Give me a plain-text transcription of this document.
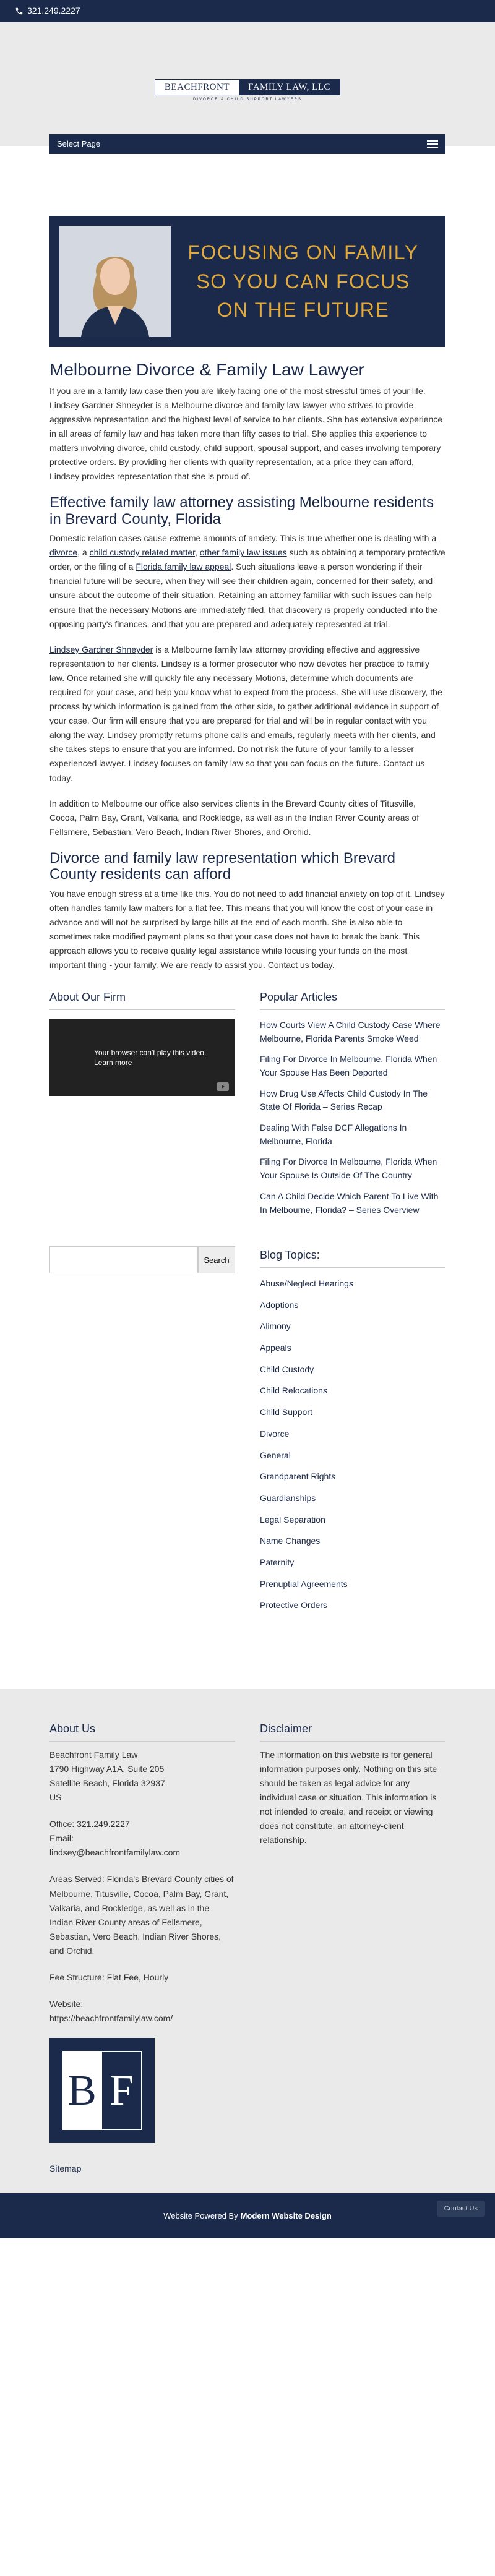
321.249.2227
BEACHFRONT	FAMILY LAW, LLC
DIVORCE & CHILD SUPPORT LAWYERS
Select Page
FOCUSING ON FAMILY
SO YOU CAN FOCUS
ON THE FUTURE
Melbourne Divorce & Family Law Lawyer

If you are in a family law case then you are likely facing one of the most stressful times of your life. Lindsey Gardner Shneyder is a Melbourne divorce and family law lawyer who strives to provide aggressive representation and the highest level of service to her clients. She has extensive experience in all areas of family law and has taken more than fifty cases to trial. She applies this experience to matters involving divorce, child custody, child support, spousal support, and cases involving temporary protective orders. By providing her clients with quality representation, at a price they can afford, Lindsey provides representation that she is proud of.

Effective family law attorney assisting Melbourne residents in Brevard County, Florida

Domestic relation cases cause extreme amounts of anxiety. This is true whether one is dealing with a divorce, a child custody related matter, other family law issues such as obtaining a temporary protective order, or the filing of a Florida family law appeal. Such situations leave a person wondering if their financial future will be secure, when they will see their children again, concerned for their safety, and unsure about the outcome of their situation. Retaining an attorney familiar with such issues can help ensure that the necessary Motions are immediately filed, that discovery is properly conducted into the opposing party's finances, and that you are prepared and adequately represented at trial.

Lindsey Gardner Shneyder is a Melbourne family law attorney providing effective and aggressive representation to her clients. Lindsey is a former prosecutor who now devotes her practice to family law. Once retained she will quickly file any necessary Motions, determine which documents are required for your case, and help you know what to expect from the process. She will use discovery, the process by which information is gained from the other side, to gather additional evidence in support of your case. Our firm will ensure that you are prepared for trial and will be in regular contact with you along the way. Lindsey promptly returns phone calls and emails, regularly meets with her clients, and she takes steps to ensure that you are informed. Do not risk the future of your family to a lesser experienced lawyer. Lindsey focuses on family law so that you can focus on the future. Contact us today.

In addition to Melbourne our office also services clients in the Brevard County cities of Titusville, Cocoa, Palm Bay, Grant, Valkaria, and Rockledge, as well as in the Indian River County areas of Fellsmere, Sebastian, Vero Beach, Indian River Shores, and Orchid.

Divorce and family law representation which Brevard County residents can afford

You have enough stress at a time like this. You do not need to add financial anxiety on top of it. Lindsey often handles family law matters for a flat fee. This means that you will know the cost of your case in advance and will not be surprised by large bills at the end of each month. She is also able to sometimes take modified payment plans so that your case does not have to break the bank. This approach allows you to receive quality legal assistance while focusing your funds on the most important thing - your family. We are ready to assist you. Contact us today.

About Our Firm
Your browser can't play this video.
Learn more
Popular Articles
How Courts View A Child Custody Case Where Melbourne, Florida Parents Smoke Weed
Filing For Divorce In Melbourne, Florida When Your Spouse Has Been Deported
How Drug Use Affects Child Custody In The State Of Florida – Series Recap
Dealing With False DCF Allegations In Melbourne, Florida
Filing For Divorce In Melbourne, Florida When Your Spouse Is Outside Of The Country
Can A Child Decide Which Parent To Live With In Melbourne, Florida? – Series Overview
Search	Blog Topics:
Abuse/Neglect Hearings
Adoptions
Alimony
Appeals
Child Custody
Child Relocations
Child Support
Divorce
General
Grandparent Rights
Guardianships
Legal Separation
Name Changes
Paternity
Prenuptial Agreements
Protective Orders
About Us

Beachfront Family Law
1790 Highway A1A, Suite 205
Satellite Beach, Florida 32937
US

Office: 321.249.2227
Email:
lindsey@beachfrontfamilylaw.com

Areas Served: Florida's Brevard County cities of Melbourne, Titusville, Cocoa, Palm Bay, Grant, Valkaria, and Rockledge, as well as in the Indian River County areas of Fellsmere, Sebastian, Vero Beach, Indian River Shores, and Orchid.

Fee Structure: Flat Fee, Hourly

Website:
https://beachfrontfamilylaw.com/

B F
Sitemap
Disclaimer

The information on this website is for general information purposes only. Nothing on this site should be taken as legal advice for any individual case or situation. This information is not intended to create, and receipt or viewing does not constitute, an attorney-client relationship.

Website Powered By Modern Website Design
Contact Us
